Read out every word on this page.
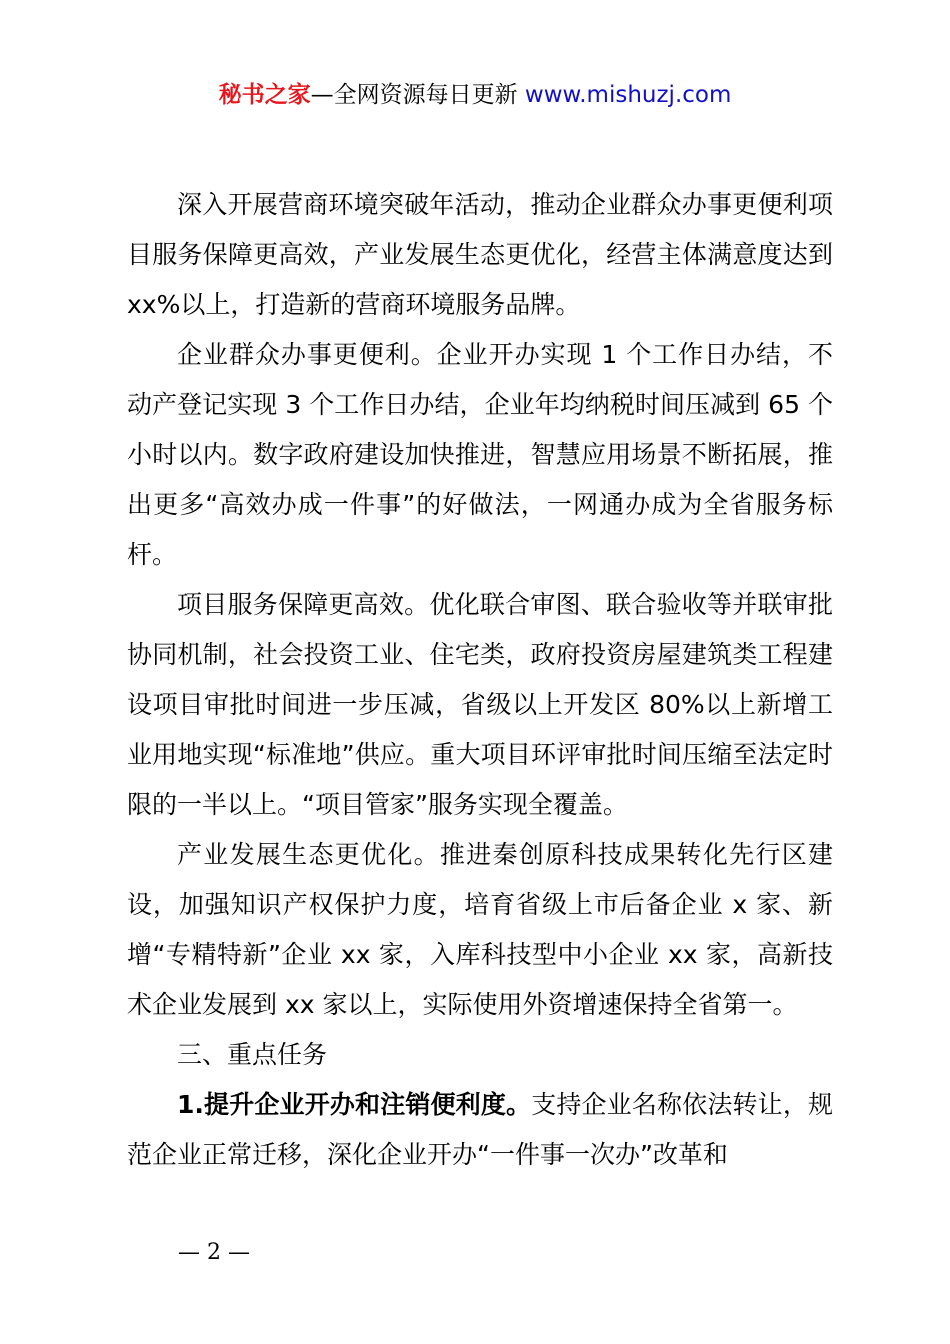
秘书之家—全网资源每日更新 www.mishuzj.com

深入开展营商环境突破年活动，推动企业群众办事更便利项目服务保障更高效，产业发展生态更优化，经营主体满意度达到 xx%以上，打造新的营商环境服务品牌。

企业群众办事更便利。企业开办实现 1 个工作日办结，不动产登记实现 3 个工作日办结，企业年均纳税时间压减到 65 个小时以内。数字政府建设加快推进，智慧应用场景不断拓展，推出更多“高效办成一件事”的好做法，一网通办成为全省服务标杆。

项目服务保障更高效。优化联合审图、联合验收等并联审批协同机制，社会投资工业、住宅类，政府投资房屋建筑类工程建设项目审批时间进一步压减，省级以上开发区 80%以上新增工业用地实现“标准地”供应。重大项目环评审批时间压缩至法定时限的一半以上。“项目管家”服务实现全覆盖。

产业发展生态更优化。推进秦创原科技成果转化先行区建设，加强知识产权保护力度，培育省级上市后备企业 x 家、新增“专精特新”企业 xx 家，入库科技型中小企业 xx 家，高新技术企业发展到 xx 家以上，实际使用外资增速保持全省第一。

三、重点任务

1.提升企业开办和注销便利度。支持企业名称依法转让，规范企业正常迁移，深化企业开办“一件事一次办”改革和

— 2 —
